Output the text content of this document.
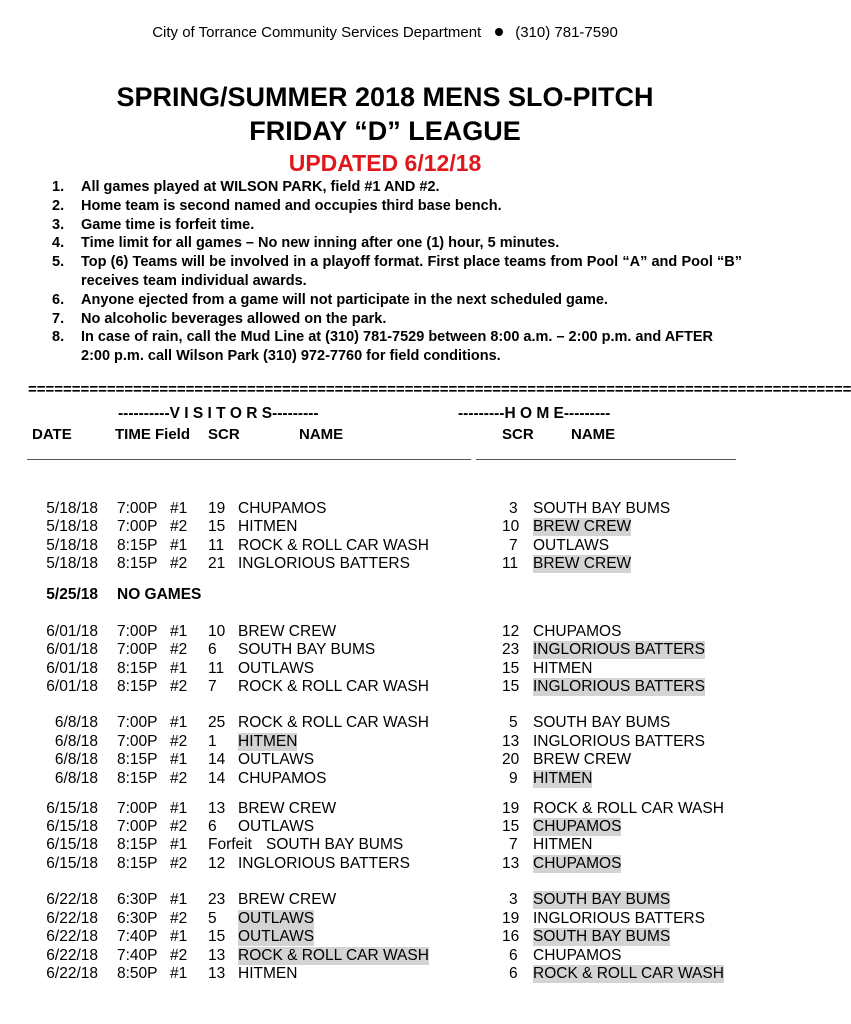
City of Torrance Community Services Department (310) 781-7590
SPRING/SUMMER 2018 MENS SLO-PITCH
FRIDAY “D” LEAGUE
UPDATED 6/12/18
1. All games played at WILSON PARK, field #1 AND #2.
2. Home team is second named and occupies third base bench.
3. Game time is forfeit time.
4. Time limit for all games – No new inning after one (1) hour, 5 minutes.
5. Top (6) Teams will be involved in a playoff format. First place teams from Pool “A” and Pool “B” receives team individual awards.
6. Anyone ejected from a game will not participate in the next scheduled game.
7. No alcoholic beverages allowed on the park.
8. In case of rain, call the Mud Line at (310) 781-7529 between 8:00 a.m. – 2:00 p.m. and AFTER 2:00 p.m. call Wilson Park (310) 972-7760 for field conditions.
==============================================================================================
----------V I S I T O R S---------	---------H O M E---------
DATE	TIME Field SCR	NAME	SCR NAME
5/18/18 7:00P #1 19 CHUPAMOS	3 SOUTH BAY BUMS
5/18/18 7:00P #2 15 HITMEN	10 BREW CREW
5/18/18 8:15P #1 11 ROCK & ROLL CAR WASH	7 OUTLAWS
5/18/18 8:15P #2 21 INGLORIOUS BATTERS	11 BREW CREW
5/25/18 NO GAMES
6/01/18 7:00P #1 10 BREW CREW	12 CHUPAMOS
6/01/18 7:00P #2 6 SOUTH BAY BUMS	23 INGLORIOUS BATTERS
6/01/18 8:15P #1 11 OUTLAWS	15 HITMEN
6/01/18 8:15P #2 7 ROCK & ROLL CAR WASH	15 INGLORIOUS BATTERS
6/8/18 7:00P #1 25 ROCK & ROLL CAR WASH	5 SOUTH BAY BUMS
6/8/18 7:00P #2 1 HITMEN	13 INGLORIOUS BATTERS
6/8/18 8:15P #1 14 OUTLAWS	20 BREW CREW
6/8/18 8:15P #2 14 CHUPAMOS	9 HITMEN
6/15/18 7:00P #1 13 BREW CREW	19 ROCK & ROLL CAR WASH
6/15/18 7:00P #2 6 OUTLAWS	15 CHUPAMOS
6/15/18 8:15P #1 Forfeit SOUTH BAY BUMS	7 HITMEN
6/15/18 8:15P #2 12 INGLORIOUS BATTERS	13 CHUPAMOS
6/22/18 6:30P #1 23 BREW CREW	3 SOUTH BAY BUMS
6/22/18 6:30P #2 5 OUTLAWS	19 INGLORIOUS BATTERS
6/22/18 7:40P #1 15 OUTLAWS	16 SOUTH BAY BUMS
6/22/18 7:40P #2 13 ROCK & ROLL CAR WASH	6 CHUPAMOS
6/22/18 8:50P #1 13 HITMEN	6 ROCK & ROLL CAR WASH
